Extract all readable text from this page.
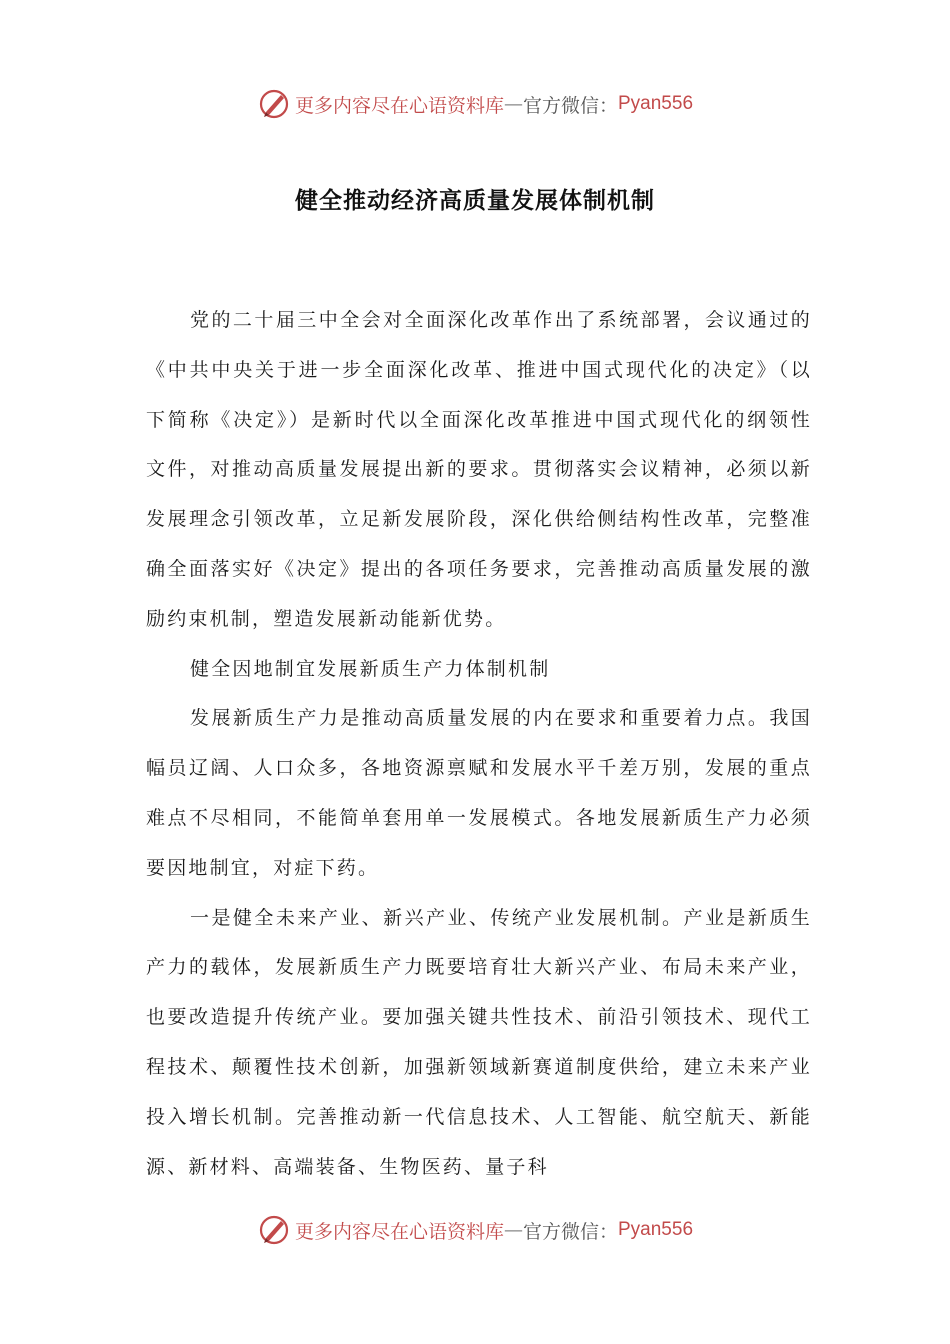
更多内容尽在心语资料库 — 官方微信： Pyan556
健全推动经济高质量发展体制机制

党的二十届三中全会对全面深化改革作出了系统部署，会议通过的《中共中央关于进一步全面深化改革、推进中国式现代化的决定》（以下简称《决定》）是新时代以全面深化改革推进中国式现代化的纲领性文件，对推动高质量发展提出新的要求。贯彻落实会议精神，必须以新发展理念引领改革，立足新发展阶段，深化供给侧结构性改革，完整准确全面落实好《决定》提出的各项任务要求，完善推动高质量发展的激励约束机制，塑造发展新动能新优势。

健全因地制宜发展新质生产力体制机制

发展新质生产力是推动高质量发展的内在要求和重要着力点。我国幅员辽阔、人口众多，各地资源禀赋和发展水平千差万别，发展的重点难点不尽相同，不能简单套用单一发展模式。各地发展新质生产力必须要因地制宜，对症下药。

一是健全未来产业、新兴产业、传统产业发展机制。产业是新质生产力的载体，发展新质生产力既要培育壮大新兴产业、布局未来产业，也要改造提升传统产业。要加强关键共性技术、前沿引领技术、现代工程技术、颠覆性技术创新，加强新领域新赛道制度供给，建立未来产业投入增长机制。完善推动新一代信息技术、人工智能、航空航天、新能源、新材料、高端装备、生物医药、量子科

更多内容尽在心语资料库 — 官方微信： Pyan556
